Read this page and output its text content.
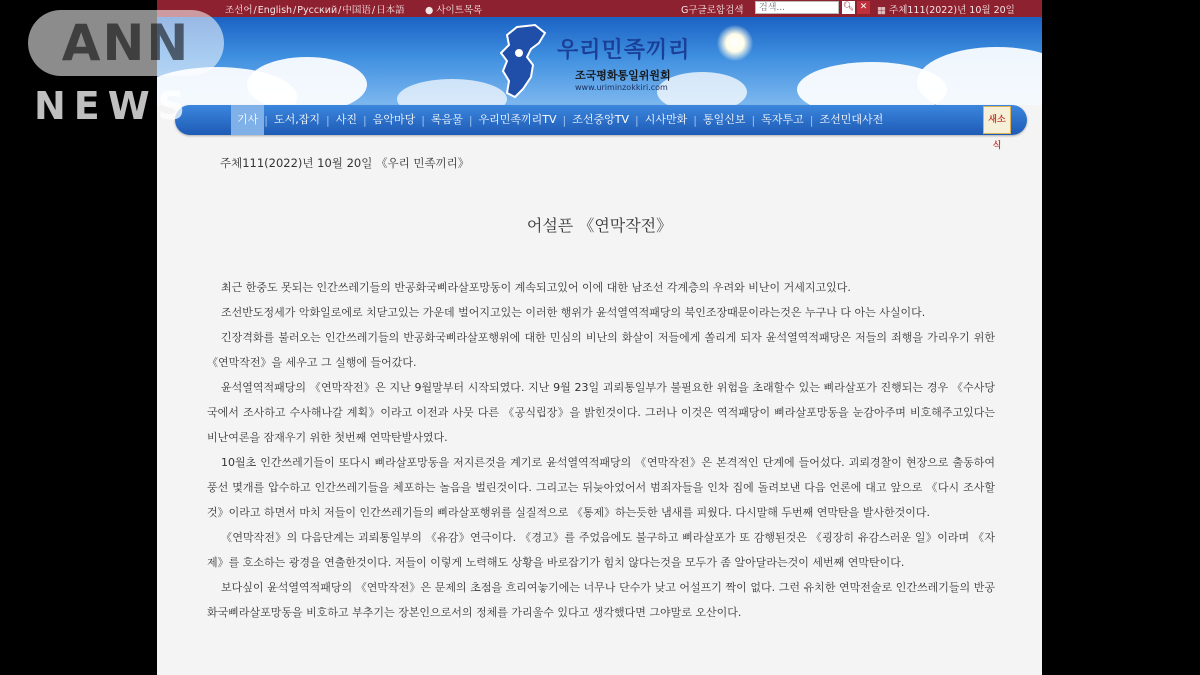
조선어/English/Русский/中国语/日本語 ● 사이트목록	G구글로함검색
검색...	🔍︎ ✕ ▦ 주체111(2022)년 10월 20일
우리민족끼리
조국평화통일위원회
www.uriminzokkiri.com
기사 | 도서,잡지 | 사진 | 음악마당 | 록음물 | 우리민족끼리TV | 조선중앙TV | 시사만화 | 통일신보 | 독자투고 | 조선민대사전	새소식
주체111(2022)년 10월 20일 《우리 민족끼리》
어설픈 《연막작전》

최근 한중도 못되는 인간쓰레기들의 반공화국삐라살포망동이 계속되고있어 이에 대한 남조선 각계층의 우려와 비난이 거세지고있다.

조선반도정세가 악화일로에로 치닫고있는 가운데 벌어지고있는 이러한 행위가 윤석열역적패당의 북인조장때문이라는것은 누구나 다 아는 사실이다.

긴장격화를 불러오는 인간쓰레기들의 반공화국삐라살포행위에 대한 민심의 비난의 화살이 저들에게 쏠리게 되자 윤석열역적패당은 저들의 죄행을 가리우기 위한 《연막작전》을 세우고 그 실행에 들어갔다.

윤석열역적패당의 《연막작전》은 지난 9월말부터 시작되였다. 지난 9월 23일 괴뢰통일부가 불필요한 위험을 초래할수 있는 삐라살포가 진행되는 경우 《수사당국에서 조사하고 수사해나갈 계획》이라고 이전과 사뭇 다른 《공식립장》을 밝힌것이다. 그러나 이것은 역적패당이 삐라살포망동을 눈감아주며 비호해주고있다는 비난여론을 잠재우기 위한 첫번째 연막탄발사였다.

10월초 인간쓰레기들이 또다시 삐라살포망동을 저지른것을 계기로 윤석열역적패당의 《연막작전》은 본격적인 단계에 들어섰다. 괴뢰경찰이 현장으로 출동하여 풍선 몇개를 압수하고 인간쓰레기들을 체포하는 놀음을 벌린것이다. 그리고는 뒤늦아었어서 범죄자들을 인차 집에 돌려보낸 다음 언론에 대고 앞으로 《다시 조사할것》이라고 하면서 마치 저들이 인간쓰레기들의 삐라살포행위를 실질적으로 《통제》하는듯한 냄새를 피웠다. 다시말해 두번째 연막탄을 발사한것이다.

《연막작전》의 다음단계는 괴뢰통일부의 《유감》연극이다. 《경고》를 주었음에도 불구하고 삐라살포가 또 감행된것은 《굉장히 유감스러운 일》이라며 《자제》를 호소하는 광경을 연출한것이다. 저들이 이렇게 노력해도 상황을 바로잡기가 힘치 않다는것을 모두가 좀 알아달라는것이 세번째 연막탄이다.

보다싶이 윤석열역적패당의 《연막작전》은 문제의 초점을 흐리여놓기에는 너무나 단수가 낮고 어설프기 짝이 없다. 그런 유치한 연막전술로 인간쓰레기들의 반공화국삐라살포망동을 비호하고 부추기는 장본인으로서의 정체를 가리울수 있다고 생각했다면 그야말로 오산이다.

ANN
NEWS
